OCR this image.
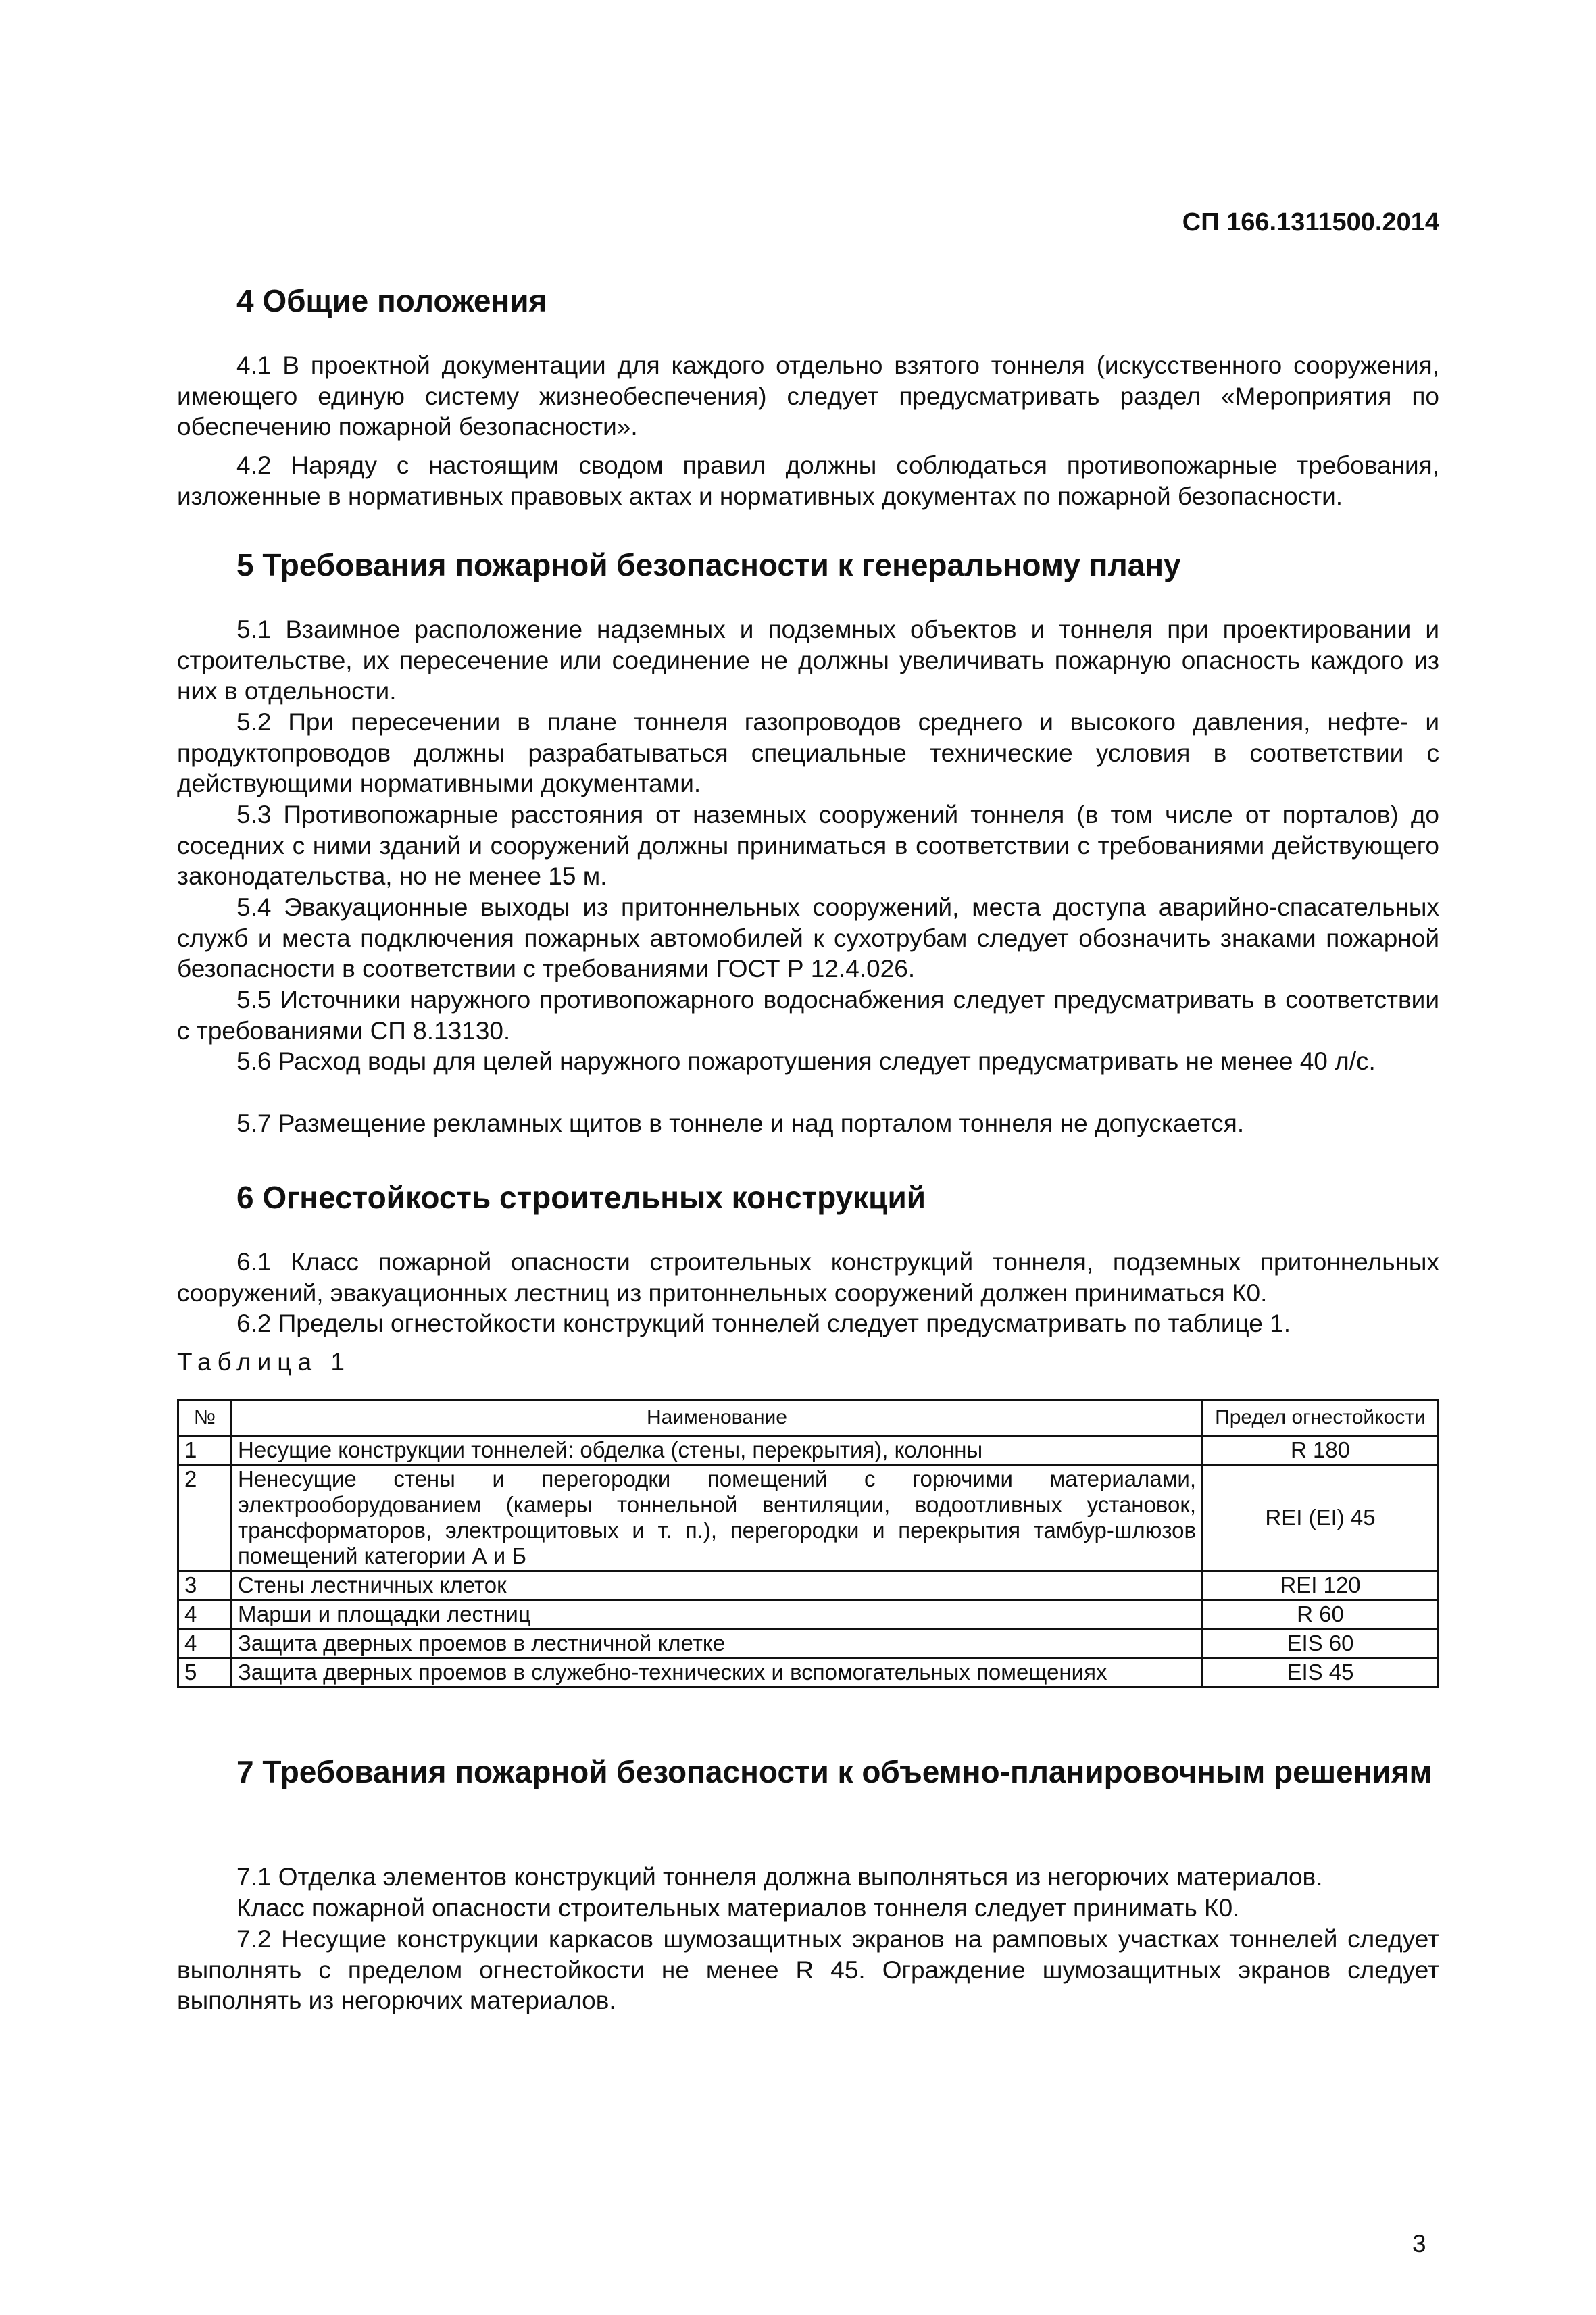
СП 166.1311500.2014
4 Общие положения
4.1 В проектной документации для каждого отдельно взятого тоннеля (искусственного сооружения, имеющего единую систему жизнеобеспечения) следует предусматривать раздел «Мероприятия по обеспечению пожарной безопасности».
4.2 Наряду с настоящим сводом правил должны соблюдаться противопожарные требования, изложенные в нормативных правовых актах и нормативных документах по пожарной безопасности.
5 Требования пожарной безопасности к генеральному плану
5.1 Взаимное расположение надземных и подземных объектов и тоннеля при проектировании и строительстве, их пересечение или соединение не должны увеличивать пожарную опасность каждого из них в отдельности.
5.2 При пересечении в плане тоннеля газопроводов среднего и высокого давления, нефте- и продуктопроводов должны разрабатываться специальные технические условия в соответствии с действующими нормативными документами.
5.3 Противопожарные расстояния от наземных сооружений тоннеля (в том числе от порталов) до соседних с ними зданий и сооружений должны приниматься в соответствии с требованиями действующего законодательства, но не менее 15 м.
5.4 Эвакуационные выходы из притоннельных сооружений, места доступа аварийно-спасательных служб и места подключения пожарных автомобилей к сухотрубам следует обозначить знаками пожарной безопасности в соответствии с требованиями ГОСТ Р 12.4.026.
5.5 Источники наружного противопожарного водоснабжения следует предусматривать в соответствии с требованиями СП 8.13130.
5.6 Расход воды для целей наружного пожаротушения следует предусматривать не менее 40 л/с.
5.7 Размещение рекламных щитов в тоннеле и над порталом тоннеля не допускается.
6 Огнестойкость строительных конструкций
6.1 Класс пожарной опасности строительных конструкций тоннеля, подземных притоннельных сооружений, эвакуационных лестниц из притоннельных сооружений должен приниматься К0.
6.2 Пределы огнестойкости конструкций тоннелей следует предусматривать по таблице 1.
Таблица 1
№	Наименование	Предел огнестойкости
1	Несущие конструкции тоннелей: обделка (стены, перекрытия), колонны	R 180
2	Ненесущие стены и перегородки помещений с горючими материалами, электрооборудованием (камеры тоннельной вентиляции, водоотливных установок, трансформаторов, электрощитовых и т. п.), перегородки и перекрытия тамбур-шлюзов помещений категории А и Б	REI (EI) 45
3	Стены лестничных клеток	REI 120
4	Марши и площадки лестниц	R 60
4	Защита дверных проемов в лестничной клетке	EIS 60
5	Защита дверных проемов в служебно-технических и вспомогательных помещениях	EIS 45
7 Требования пожарной безопасности к объемно-планировочным решениям
7.1 Отделка элементов конструкций тоннеля должна выполняться из негорючих материалов.
Класс пожарной опасности строительных материалов тоннеля следует принимать К0.
7.2 Несущие конструкции каркасов шумозащитных экранов на рамповых участках тоннелей следует выполнять с пределом огнестойкости не менее R 45. Ограждение шумозащитных экранов следует выполнять из негорючих материалов.
3
